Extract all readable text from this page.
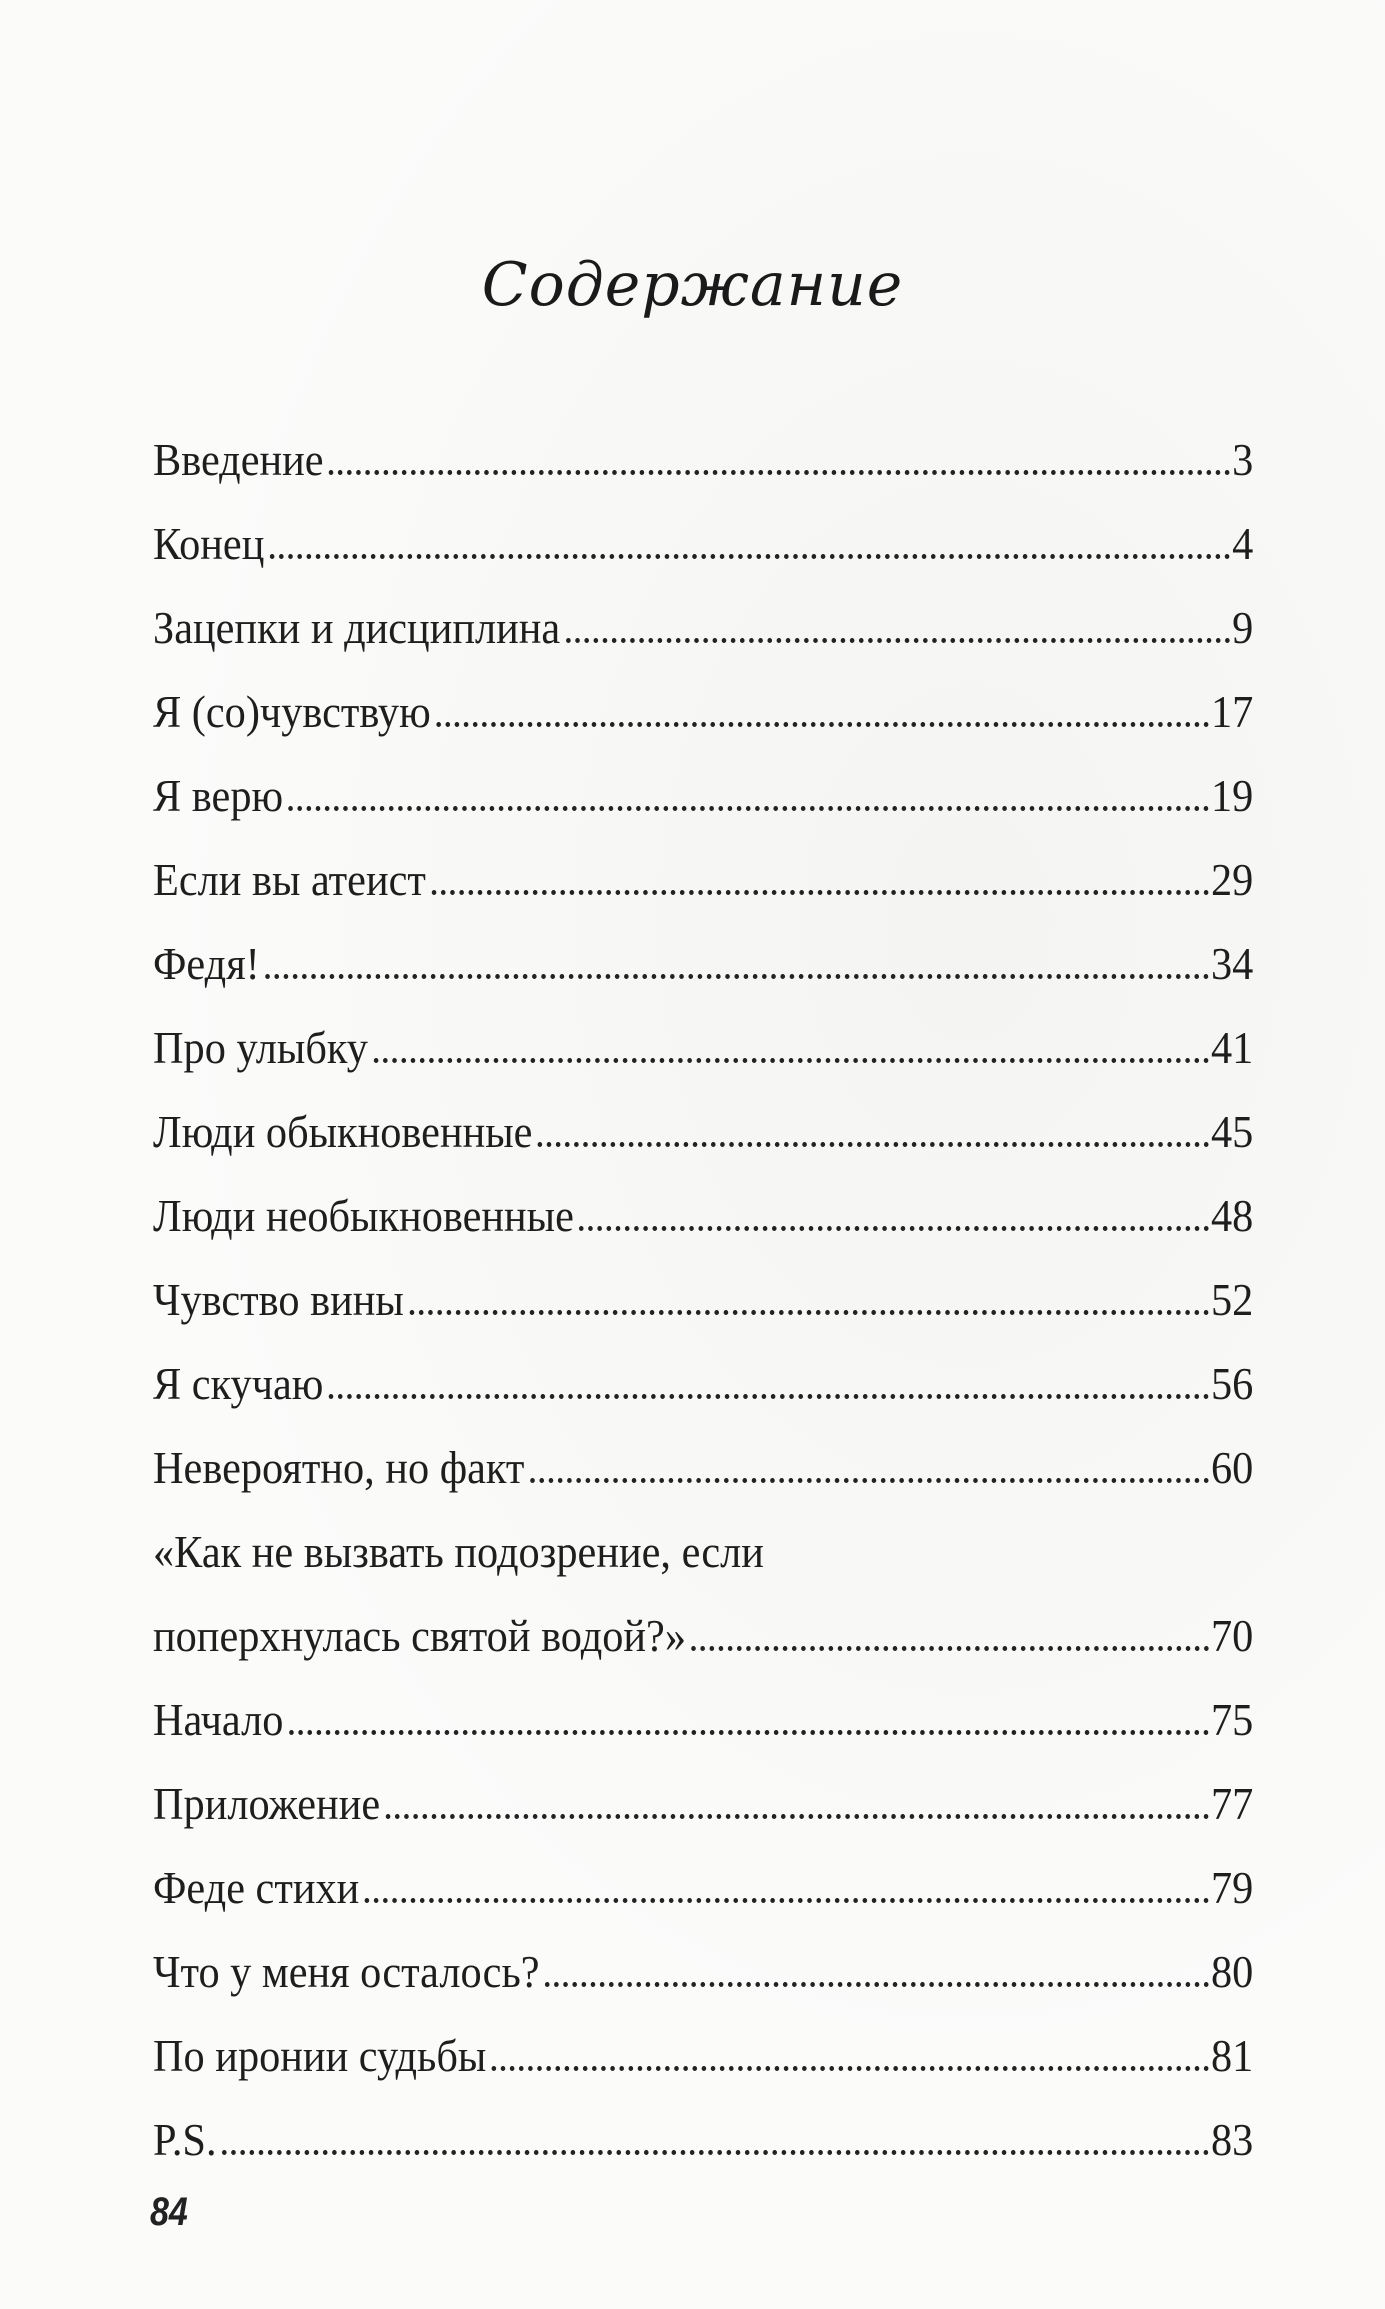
Содержание
Введение	3
Конец	4
Зацепки и дисциплина	9
Я (со)чувствую	17
Я верю	19
Если вы атеист	29
Федя!	34
Про улыбку	41
Люди обыкновенные	45
Люди необыкновенные	48
Чувство вины	52
Я скучаю	56
Невероятно, но факт	60
«Как не вызвать подозрение, если
поперхнулась святой водой?»	70
Начало	75
Приложение	77
Феде стихи	79
Что у меня осталось?	80
По иронии судьбы	81
P.S.	83
84
